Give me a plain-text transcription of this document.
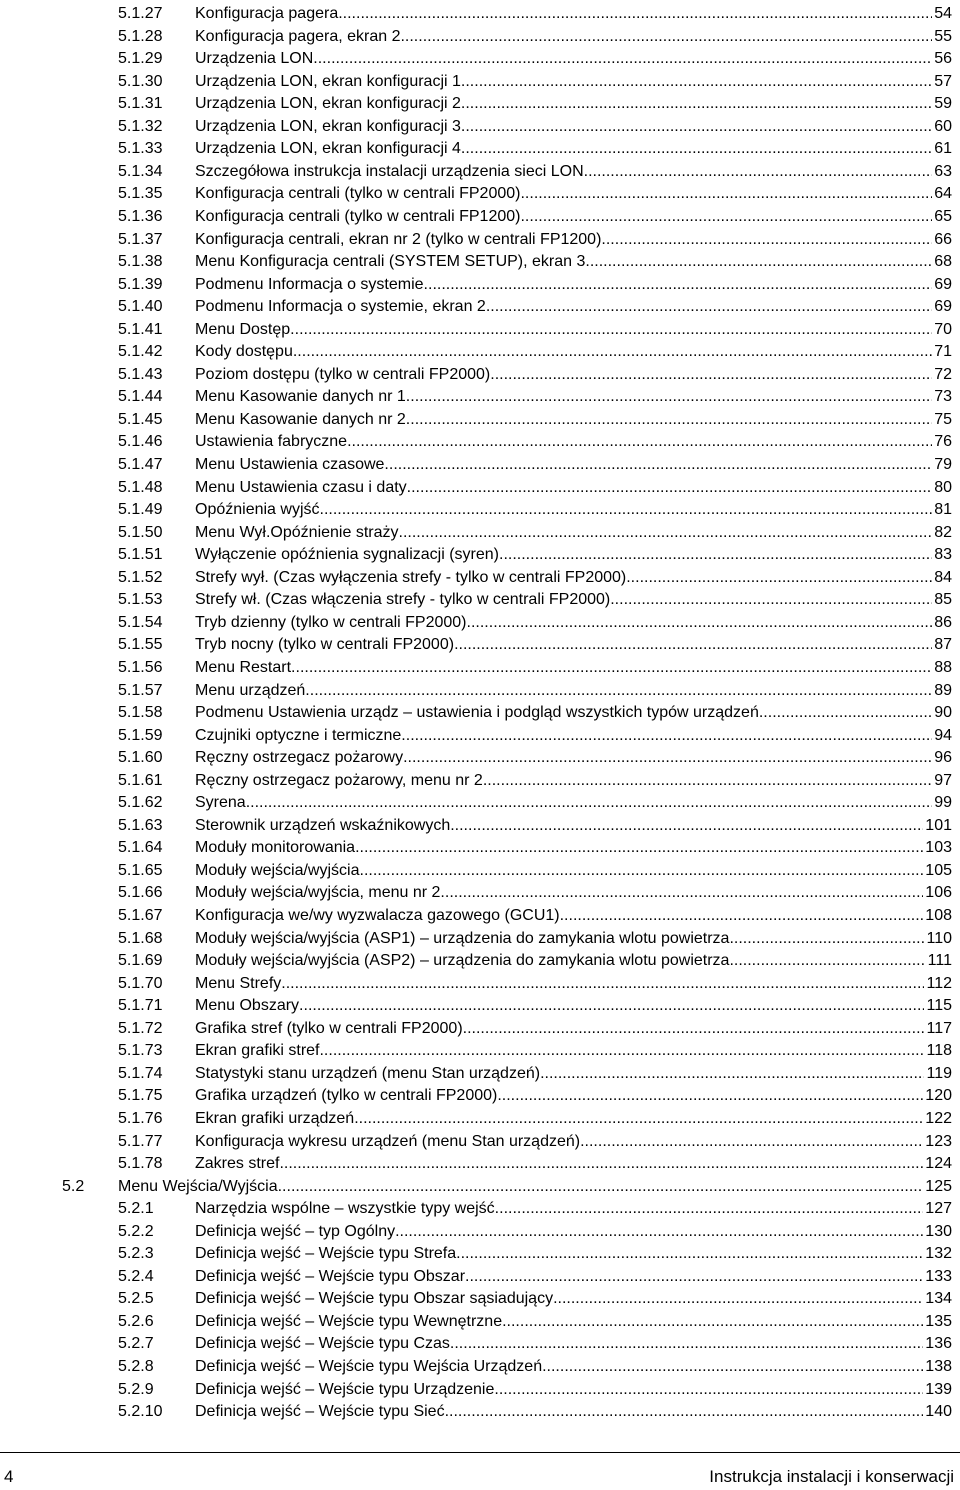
5.1.27 Konfiguracja pagera .....	54
5.1.28 Konfiguracja pagera, ekran 2 .....	55
5.1.29 Urządzenia LON .....	56
5.1.30 Urządzenia LON, ekran konfiguracji 1 .....	57
5.1.31 Urządzenia LON, ekran konfiguracji 2 .....	59
5.1.32 Urządzenia LON, ekran konfiguracji 3 .....	60
5.1.33 Urządzenia LON, ekran konfiguracji 4 .....	61
5.1.34 Szczegółowa instrukcja instalacji urządzenia sieci LON .....	63
5.1.35 Konfiguracja centrali (tylko w centrali FP2000) .....	64
5.1.36 Konfiguracja centrali (tylko w centrali FP1200) .....	65
5.1.37 Konfiguracja centrali, ekran nr 2 (tylko w centrali FP1200) .....	66
5.1.38 Menu Konfiguracja centrali (SYSTEM SETUP), ekran 3 .....	68
5.1.39 Podmenu Informacja o systemie .....	69
5.1.40 Podmenu Informacja o systemie, ekran 2 .....	69
5.1.41 Menu Dostęp .....	70
5.1.42 Kody dostępu .....	71
5.1.43 Poziom dostępu (tylko w centrali FP2000) .....	72
5.1.44 Menu Kasowanie danych nr 1 .....	73
5.1.45 Menu Kasowanie danych nr 2 .....	75
5.1.46 Ustawienia fabryczne .....	76
5.1.47 Menu Ustawienia czasowe .....	79
5.1.48 Menu Ustawienia czasu i daty .....	80
5.1.49 Opóźnienia wyjść .....	81
5.1.50 Menu Wył.Opóźnienie straży .....	82
5.1.51 Wyłączenie opóźnienia sygnalizacji (syren) .....	83
5.1.52 Strefy wył. (Czas wyłączenia strefy - tylko w centrali FP2000) .....	84
5.1.53 Strefy wł. (Czas włączenia strefy - tylko w centrali FP2000) .....	85
5.1.54 Tryb dzienny (tylko w centrali FP2000) .....	86
5.1.55 Tryb nocny (tylko w centrali FP2000) .....	87
5.1.56 Menu Restart .....	88
5.1.57 Menu urządzeń .....	89
5.1.58 Podmenu Ustawienia urządz – ustawienia i podgląd wszystkich typów urządzeń .....	90
5.1.59 Czujniki optyczne i termiczne .....	94
5.1.60 Ręczny ostrzegacz pożarowy .....	96
5.1.61 Ręczny ostrzegacz pożarowy, menu nr 2. .....	97
5.1.62 Syrena .....	99
5.1.63 Sterownik urządzeń wskaźnikowych .....	101
5.1.64 Moduły monitorowania .....	103
5.1.65 Moduły wejścia/wyjścia .....	105
5.1.66 Moduły wejścia/wyjścia, menu nr 2 .....	106
5.1.67 Konfiguracja we/wy wyzwalacza gazowego (GCU1). .....	108
5.1.68 Moduły wejścia/wyjścia (ASP1) – urządzenia do zamykania wlotu powietrza .....	110
5.1.69 Moduły wejścia/wyjścia (ASP2) – urządzenia do zamykania wlotu powietrza .....	111
5.1.70 Menu Strefy .....	112
5.1.71 Menu Obszary .....	115
5.1.72 Grafika stref (tylko w centrali FP2000) .....	117
5.1.73 Ekran grafiki stref .....	118
5.1.74 Statystyki stanu urządzeń (menu Stan urządzeń) .....	119
5.1.75 Grafika urządzeń (tylko w centrali FP2000) .....	120
5.1.76 Ekran grafiki urządzeń .....	122
5.1.77 Konfiguracja wykresu urządzeń (menu Stan urządzeń) .....	123
5.1.78 Zakres stref .....	124
5.2 Menu Wejścia/Wyjścia .....	125
5.2.1	Narzędzia wspólne – wszystkie typy wejść .....	127
5.2.2	Definicja wejść – typ Ogólny .....	130
5.2.3	Definicja wejść – Wejście typu Strefa .....	132
5.2.4	Definicja wejść – Wejście typu Obszar .....	133
5.2.5	Definicja wejść – Wejście typu Obszar sąsiadujący .....	134
5.2.6	Definicja wejść – Wejście typu Wewnętrzne .....	135
5.2.7	Definicja wejść – Wejście typu Czas. .....	136
5.2.8	Definicja wejść – Wejście typu Wejścia Urządzeń .....	138
5.2.9	Definicja wejść – Wejście typu Urządzenie .....	139
5.2.10 Definicja wejść – Wejście typu Sieć .....	140
4	Instrukcja instalacji i konserwacji
